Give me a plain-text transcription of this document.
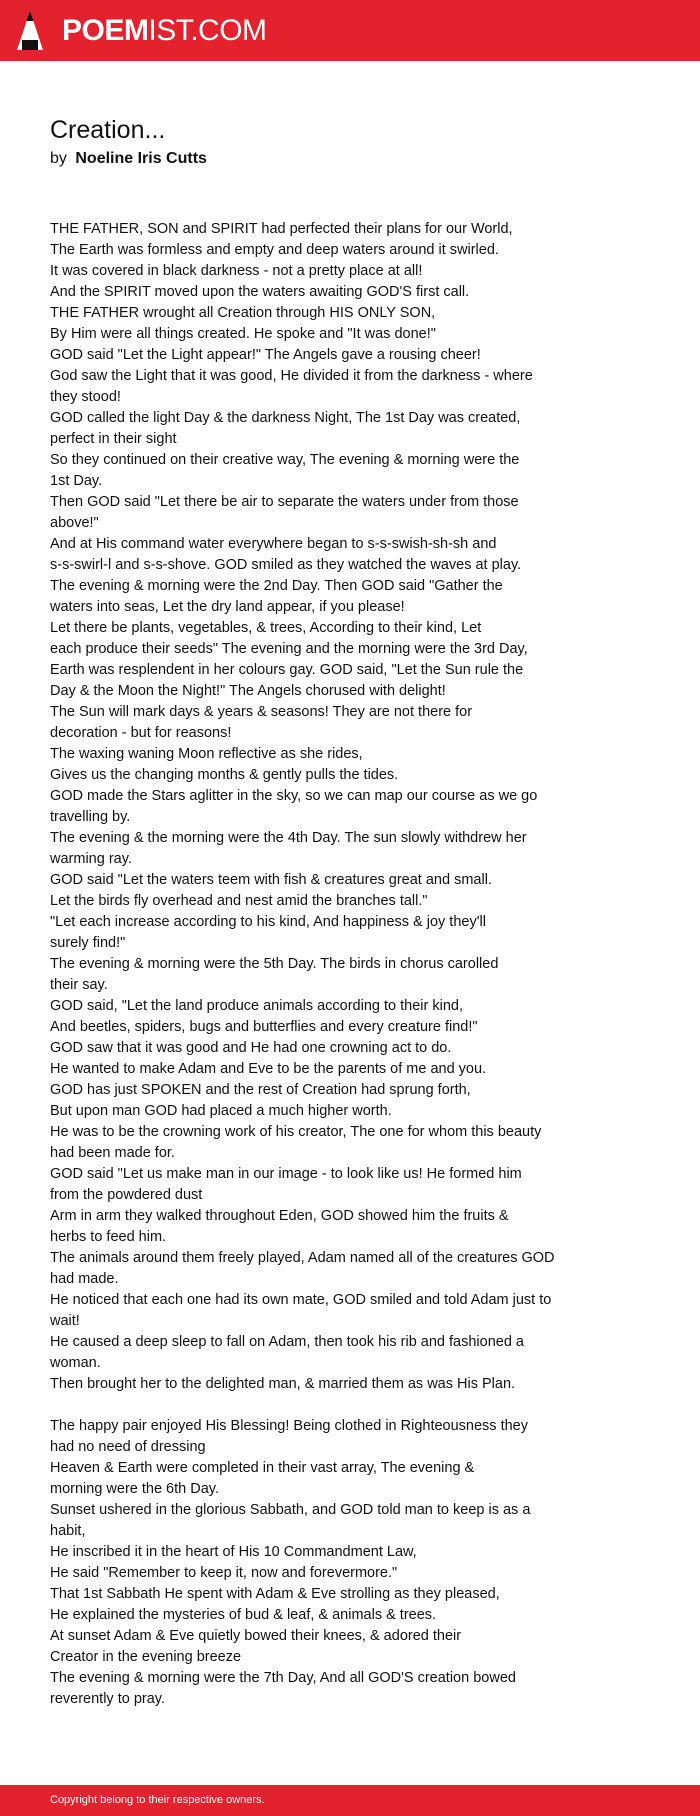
POEMIST.COM
Creation...
by Noeline Iris Cutts
THE FATHER, SON and SPIRIT had perfected their plans for our World,
The Earth was formless and empty and deep waters around it swirled.
It was covered in black darkness - not a pretty place at all!
And the SPIRIT moved upon the waters awaiting GOD'S first call.
THE FATHER wrought all Creation through HIS ONLY SON,
By Him were all things created. He spoke and "It was done!"
GOD said "Let the Light appear!" The Angels gave a rousing cheer!
God saw the Light that it was good, He divided it from the darkness - where
they stood!
GOD called the light Day & the darkness Night, The 1st Day was created,
perfect in their sight
So they continued on their creative way, The evening & morning were the
1st Day.
Then GOD said "Let there be air to separate the waters under from those
above!"
And at His command water everywhere began to s-s-swish-sh-sh and
s-s-swirl-l and s-s-shove. GOD smiled as they watched the waves at play.
The evening & morning were the 2nd Day. Then GOD said "Gather the
waters into seas, Let the dry land appear, if you please!
Let there be plants, vegetables, & trees, According to their kind, Let
each produce their seeds" The evening and the morning were the 3rd Day,
Earth was resplendent in her colours gay. GOD said, "Let the Sun rule the
Day & the Moon the Night!" The Angels chorused with delight!
The Sun will mark days & years & seasons! They are not there for
decoration - but for reasons!
The waxing waning Moon reflective as she rides,
Gives us the changing months & gently pulls the tides.
GOD made the Stars aglitter in the sky, so we can map our course as we go
travelling by.
The evening & the morning were the 4th Day. The sun slowly withdrew her
warming ray.
GOD said "Let the waters teem with fish & creatures great and small.
Let the birds fly overhead and nest amid the branches tall."
"Let each increase according to his kind, And happiness & joy they'll
surely find!"
The evening & morning were the 5th Day. The birds in chorus carolled
their say.
GOD said, "Let the land produce animals according to their kind,
And beetles, spiders, bugs and butterflies and every creature find!"
GOD saw that it was good and He had one crowning act to do.
He wanted to make Adam and Eve to be the parents of me and you.
GOD has just SPOKEN and the rest of Creation had sprung forth,
But upon man GOD had placed a much higher worth.
He was to be the crowning work of his creator, The one for whom this beauty
had been made for.
GOD said "Let us make man in our image - to look like us! He formed him
from the powdered dust
Arm in arm they walked throughout Eden, GOD showed him the fruits &
herbs to feed him.
The animals around them freely played, Adam named all of the creatures GOD
had made.
He noticed that each one had its own mate, GOD smiled and told Adam just to
wait!
He caused a deep sleep to fall on Adam, then took his rib and fashioned a
woman.
Then brought her to the delighted man, & married them as was His Plan.
The happy pair enjoyed His Blessing! Being clothed in Righteousness they
had no need of dressing
Heaven & Earth were completed in their vast array, The evening &
morning were the 6th Day.
Sunset ushered in the glorious Sabbath, and GOD told man to keep is as a
habit,
He inscribed it in the heart of His 10 Commandment Law,
He said "Remember to keep it, now and forevermore."
That 1st Sabbath He spent with Adam & Eve strolling as they pleased,
He explained the mysteries of bud & leaf, & animals & trees.
At sunset Adam & Eve quietly bowed their knees, & adored their
Creator in the evening breeze
The evening & morning were the 7th Day, And all GOD'S creation bowed
reverently to pray.
Copyright belong to their respective owners.
